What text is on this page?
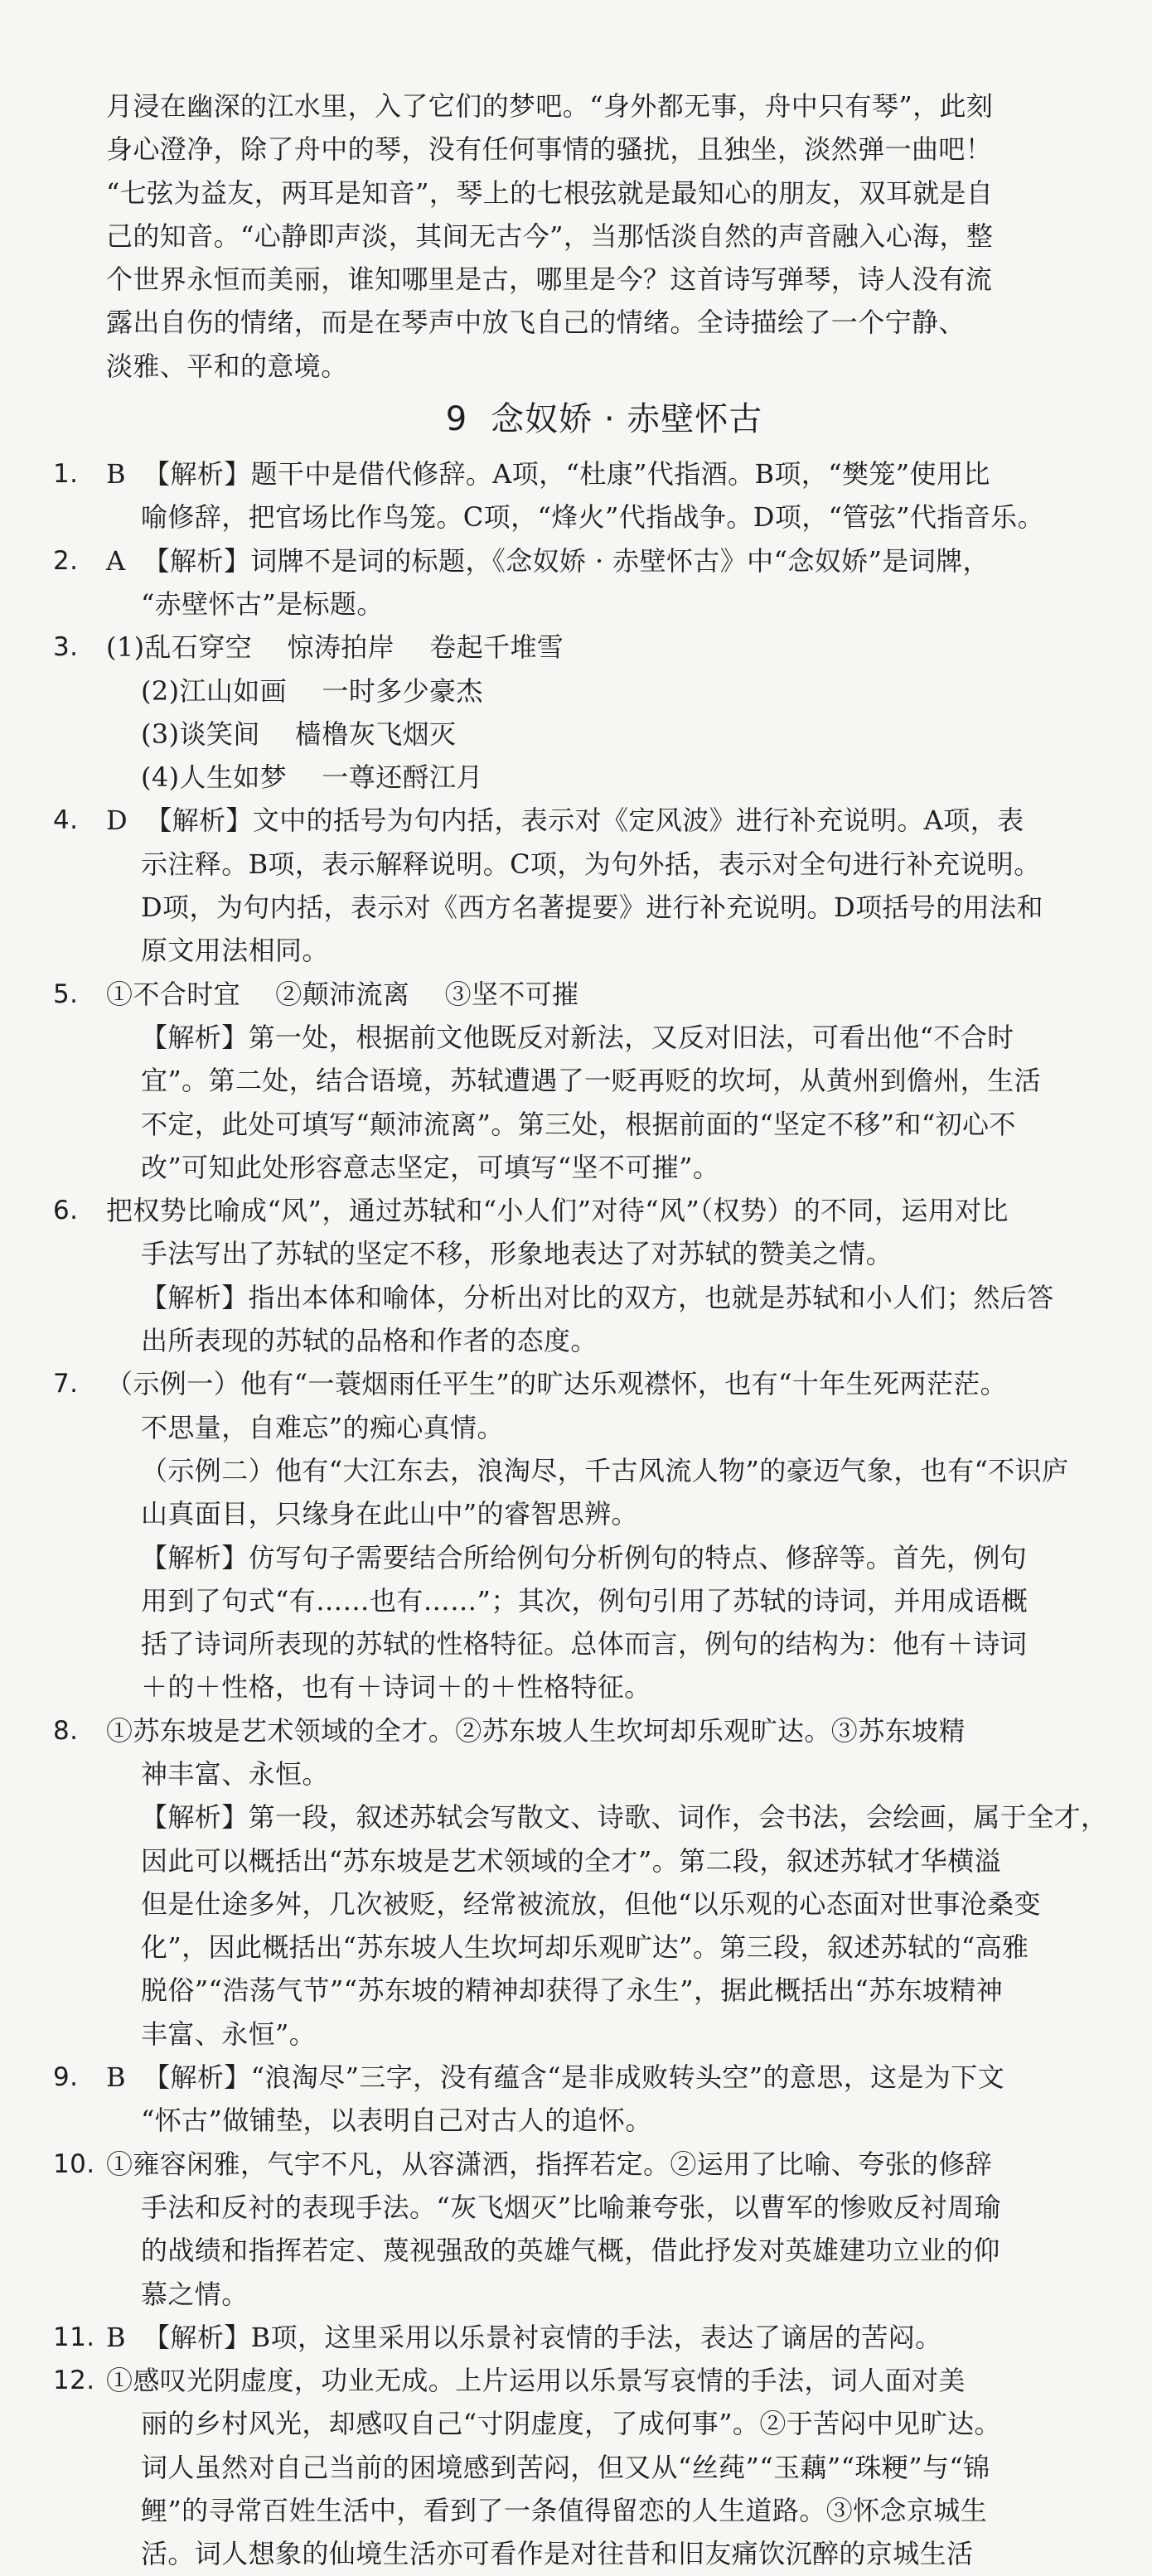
月浸在幽深的江水里，入了它们的梦吧。“身外都无事，舟中只有琴”，此刻
身心澄净，除了舟中的琴，没有任何事情的骚扰，且独坐，淡然弹一曲吧！
“七弦为益友，两耳是知音”，琴上的七根弦就是最知心的朋友，双耳就是自
己的知音。“心静即声淡，其间无古今”，当那恬淡自然的声音融入心海，整
个世界永恒而美丽，谁知哪里是古，哪里是今？这首诗写弹琴，诗人没有流
露出自伤的情绪，而是在琴声中放飞自己的情绪。全诗描绘了一个宁静、
淡雅、平和的意境。
9 念奴娇 · 赤壁怀古
1. B  【解析】题干中是借代修辞。A项，“杜康”代指酒。B项，“樊笼”使用比
喻修辞，把官场比作鸟笼。C项，“烽火”代指战争。D项，“管弦”代指音乐。
2. A  【解析】词牌不是词的标题，《念奴娇 · 赤壁怀古》中“念奴娇”是词牌，
“赤壁怀古”是标题。
3. (1)乱石穿空    惊涛拍岸    卷起千堆雪
(2)江山如画    一时多少豪杰
(3)谈笑间    樯橹灰飞烟灭
(4)人生如梦    一尊还酹江月
4. D  【解析】文中的括号为句内括，表示对《定风波》进行补充说明。A项，表
示注释。B项，表示解释说明。C项，为句外括，表示对全句进行补充说明。
D项，为句内括，表示对《西方名著提要》进行补充说明。D项括号的用法和
原文用法相同。
5. ①不合时宜    ②颠沛流离    ③坚不可摧
【解析】第一处，根据前文他既反对新法，又反对旧法，可看出他“不合时
宜”。第二处，结合语境，苏轼遭遇了一贬再贬的坎坷，从黄州到儋州，生活
不定，此处可填写“颠沛流离”。第三处，根据前面的“坚定不移”和“初心不
改”可知此处形容意志坚定，可填写“坚不可摧”。
6. 把权势比喻成“风”，通过苏轼和“小人们”对待“风”（权势）的不同，运用对比
手法写出了苏轼的坚定不移，形象地表达了对苏轼的赞美之情。
【解析】指出本体和喻体，分析出对比的双方，也就是苏轼和小人们；然后答
出所表现的苏轼的品格和作者的态度。
7. （示例一）他有“一蓑烟雨任平生”的旷达乐观襟怀，也有“十年生死两茫茫。
不思量，自难忘”的痴心真情。
（示例二）他有“大江东去，浪淘尽，千古风流人物”的豪迈气象，也有“不识庐
山真面目，只缘身在此山中”的睿智思辨。
【解析】仿写句子需要结合所给例句分析例句的特点、修辞等。首先，例句
用到了句式“有……也有……”；其次，例句引用了苏轼的诗词，并用成语概
括了诗词所表现的苏轼的性格特征。总体而言，例句的结构为：他有＋诗词
＋的＋性格，也有＋诗词＋的＋性格特征。
8. ①苏东坡是艺术领域的全才。②苏东坡人生坎坷却乐观旷达。③苏东坡精
神丰富、永恒。
【解析】第一段，叙述苏轼会写散文、诗歌、词作，会书法，会绘画，属于全才，
因此可以概括出“苏东坡是艺术领域的全才”。第二段，叙述苏轼才华横溢
但是仕途多舛，几次被贬，经常被流放，但他“以乐观的心态面对世事沧桑变
化”，因此概括出“苏东坡人生坎坷却乐观旷达”。第三段，叙述苏轼的“高雅
脱俗”“浩荡气节”“苏东坡的精神却获得了永生”，据此概括出“苏东坡精神
丰富、永恒”。
9. B  【解析】“浪淘尽”三字，没有蕴含“是非成败转头空”的意思，这是为下文
“怀古”做铺垫，以表明自己对古人的追怀。
10. ①雍容闲雅，气宇不凡，从容潇洒，指挥若定。②运用了比喻、夸张的修辞
手法和反衬的表现手法。“灰飞烟灭”比喻兼夸张，以曹军的惨败反衬周瑜
的战绩和指挥若定、蔑视强敌的英雄气概，借此抒发对英雄建功立业的仰
慕之情。
11. B  【解析】B项，这里采用以乐景衬哀情的手法，表达了谪居的苦闷。
12. ①感叹光阴虚度，功业无成。上片运用以乐景写哀情的手法，词人面对美
丽的乡村风光，却感叹自己“寸阴虚度，了成何事”。②于苦闷中见旷达。
词人虽然对自己当前的困境感到苦闷，但又从“丝莼”“玉藕”“珠粳”与“锦
鲤”的寻常百姓生活中，看到了一条值得留恋的人生道路。③怀念京城生
活。词人想象的仙境生活亦可看作是对往昔和旧友痛饮沉醉的京城生活
